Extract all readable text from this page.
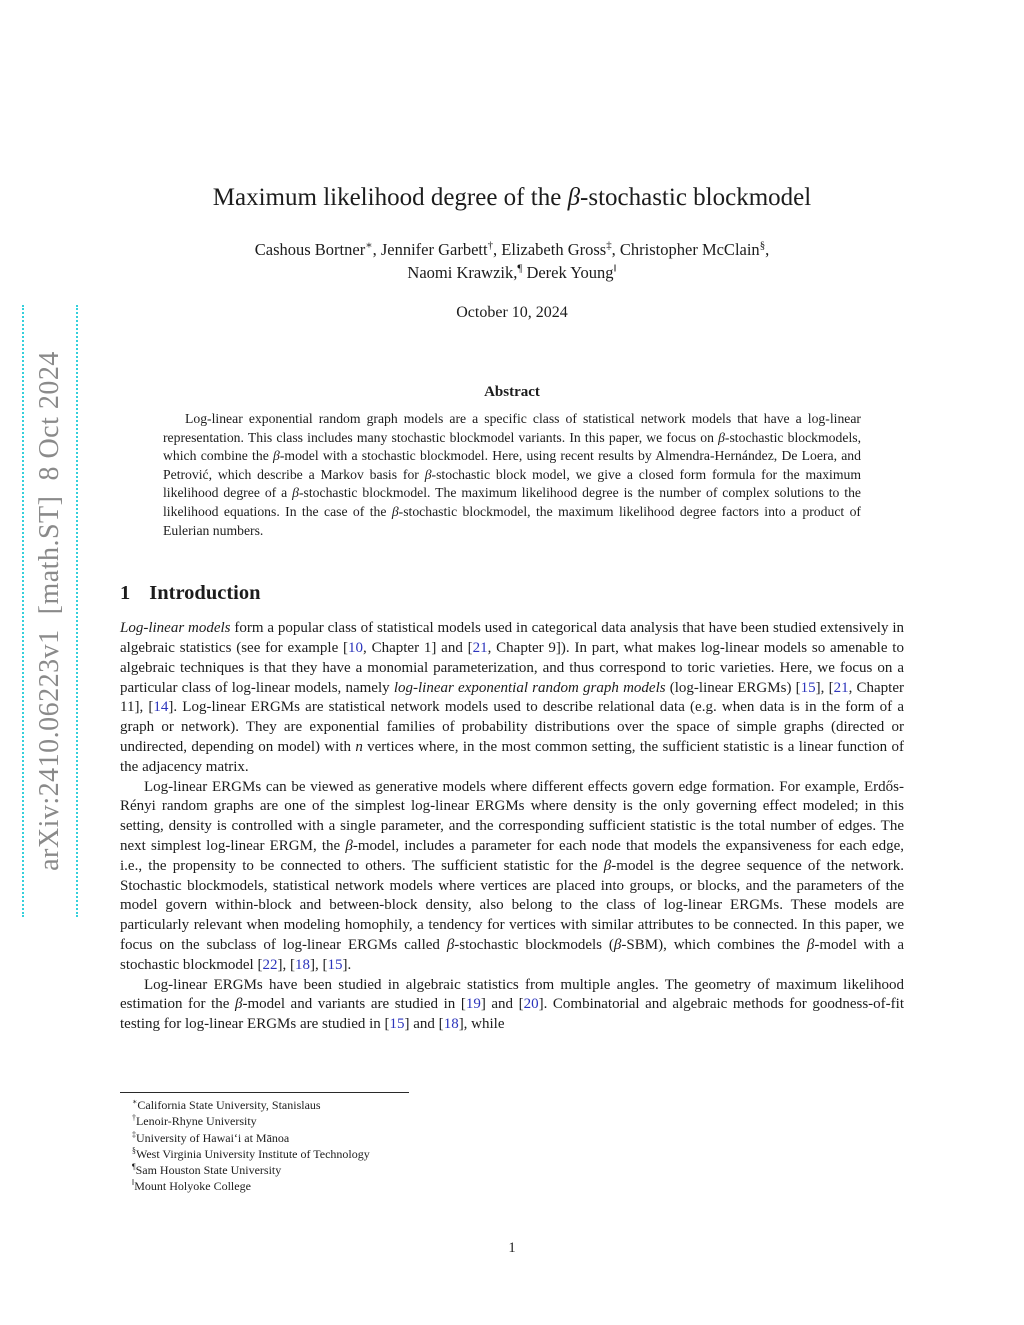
arXiv:2410.06223v1  [math.ST]  8 Oct 2024
Maximum likelihood degree of the β-stochastic blockmodel
Cashous Bortner∗, Jennifer Garbett†, Elizabeth Gross‡, Christopher McClain§,
Naomi Krawzik,¶ Derek Young‖
October 10, 2024
Abstract

Log-linear exponential random graph models are a specific class of statistical network models that have a log-linear representation. This class includes many stochastic blockmodel variants. In this paper, we focus on β-stochastic blockmodels, which combine the β-model with a stochastic blockmodel. Here, using recent results by Almendra-Hernández, De Loera, and Petrović, which describe a Markov basis for β-stochastic block model, we give a closed form formula for the maximum likelihood degree of a β-stochastic blockmodel. The maximum likelihood degree is the number of complex solutions to the likelihood equations. In the case of the β-stochastic blockmodel, the maximum likelihood degree factors into a product of Eulerian numbers.

1 Introduction

Log-linear models form a popular class of statistical models used in categorical data analysis that have been studied extensively in algebraic statistics (see for example [10, Chapter 1] and [21, Chapter 9]). In part, what makes log-linear models so amenable to algebraic techniques is that they have a monomial parameterization, and thus correspond to toric varieties. Here, we focus on a particular class of log-linear models, namely log-linear exponential random graph models (log-linear ERGMs) [15], [21, Chapter 11], [14]. Log-linear ERGMs are statistical network models used to describe relational data (e.g. when data is in the form of a graph or network). They are exponential families of probability distributions over the space of simple graphs (directed or undirected, depending on model) with n vertices where, in the most common setting, the sufficient statistic is a linear function of the adjacency matrix.

Log-linear ERGMs can be viewed as generative models where different effects govern edge formation. For example, Erdős-Rényi random graphs are one of the simplest log-linear ERGMs where density is the only governing effect modeled; in this setting, density is controlled with a single parameter, and the corresponding sufficient statistic is the total number of edges. The next simplest log-linear ERGM, the β-model, includes a parameter for each node that models the expansiveness for each edge, i.e., the propensity to be connected to others. The sufficient statistic for the β-model is the degree sequence of the network. Stochastic blockmodels, statistical network models where vertices are placed into groups, or blocks, and the parameters of the model govern within-block and between-block density, also belong to the class of log-linear ERGMs. These models are particularly relevant when modeling homophily, a tendency for vertices with similar attributes to be connected. In this paper, we focus on the subclass of log-linear ERGMs called β-stochastic blockmodels (β-SBM), which combines the β-model with a stochastic blockmodel [22], [18], [15].

Log-linear ERGMs have been studied in algebraic statistics from multiple angles. The geometry of maximum likelihood estimation for the β-model and variants are studied in [19] and [20]. Combinatorial and algebraic methods for goodness-of-fit testing for log-linear ERGMs are studied in [15] and [18], while

∗California State University, Stanislaus
†Lenoir-Rhyne University
‡University of Hawai‘i at Mānoa
§West Virginia University Institute of Technology
¶Sam Houston State University
‖Mount Holyoke College
1
